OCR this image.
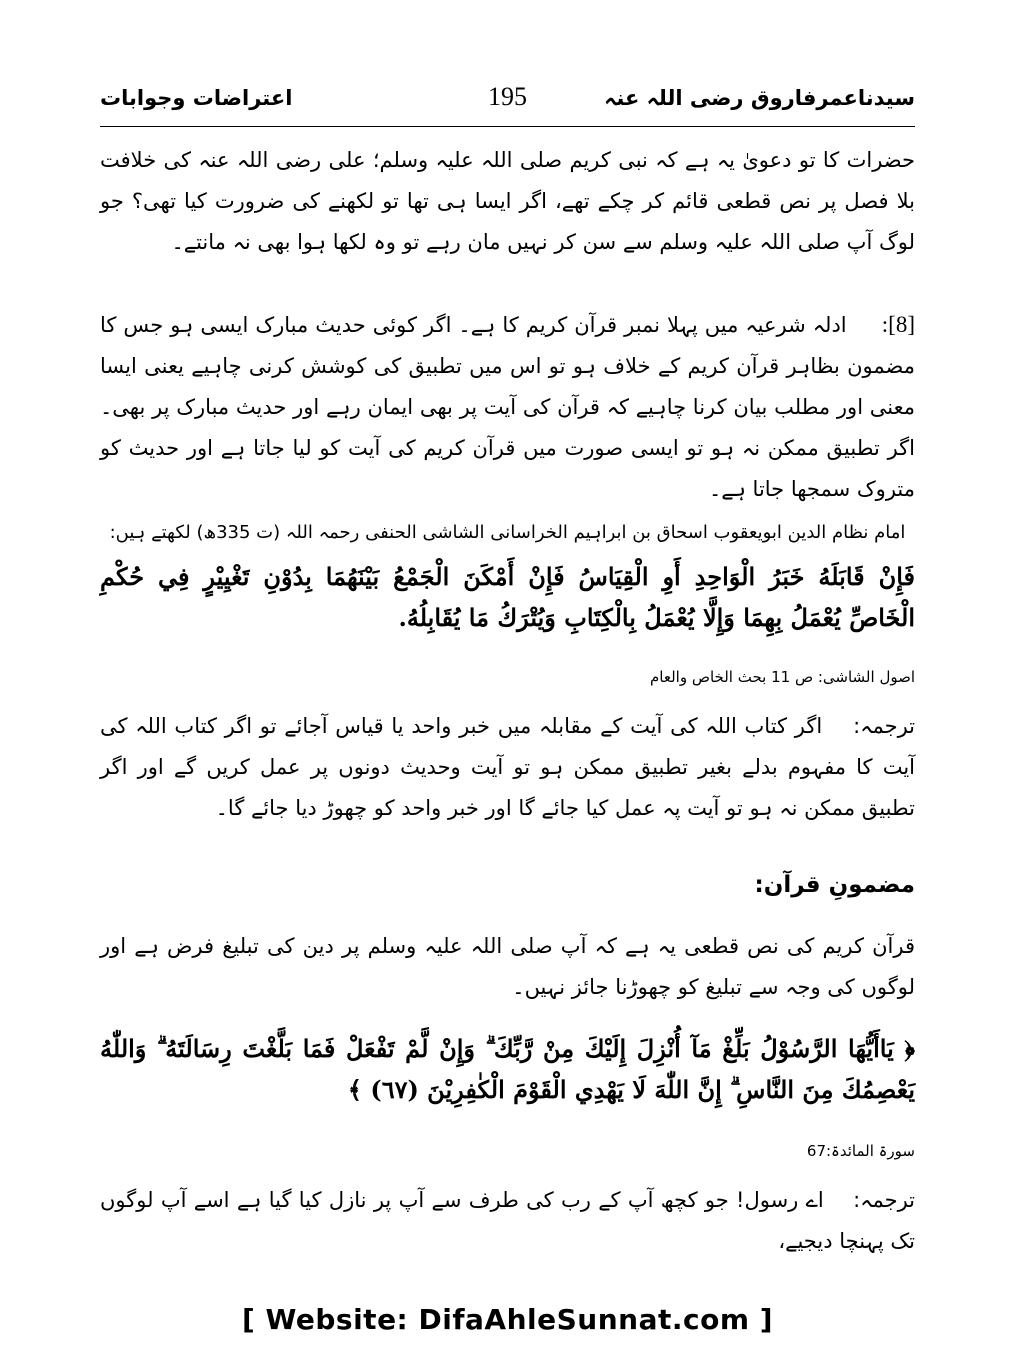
سیدناعمرفاروق رضی اللہ عنہ
195
اعتراضات وجوابات

حضرات کا تو دعویٰ یہ ہے کہ نبی کریم صلی اللہ علیہ وسلم؛ علی رضی اللہ عنہ کی خلافت بلا فصل پر نص قطعی قائم کر چکے تھے، اگر ایسا ہی تھا تو لکھنے کی ضرورت کیا تھی؟ جو لوگ آپ صلی اللہ علیہ وسلم سے سن کر نہیں مان رہے تو وہ لکھا ہوا بھی نہ مانتے۔

[8]:     ادلہ شرعیہ میں پہلا نمبر قرآن کریم کا ہے۔ اگر کوئی حدیث مبارک ایسی ہو جس کا مضمون بظاہر قرآن کریم کے خلاف ہو تو اس میں تطبیق کی کوشش کرنی چاہیے یعنی ایسا معنی اور مطلب بیان کرنا چاہیے کہ قرآن کی آیت پر بھی ایمان رہے اور حدیث مبارک پر بھی۔ اگر تطبیق ممکن نہ ہو تو ایسی صورت میں قرآن کریم کی آیت کو لیا جاتا ہے اور حدیث کو متروک سمجھا جاتا ہے۔

امام نظام الدین ابویعقوب اسحاق بن ابراہیم الخراسانی الشاشی الحنفی رحمہ اللہ (ت 335ھ) لکھتے ہیں:

فَإِنْ قَابَلَهُ خَبَرُ الْوَاحِدِ أَوِ الْقِيَاسُ فَإِنْ أَمْكَنَ الْجَمْعُ بَيْنَهُمَا بِدُوْنِ تَغْيِيْرٍ فِي حُكْمِ الْخَاصِّ يُعْمَلُ بِهِمَا وَإِلَّا يُعْمَلُ بِالْكِتَابِ وَيُتْرَكُ مَا يُقَابِلُهُ.
اصول الشاشی: ص 11 بحث الخاص والعام

ترجمہ:    اگر کتاب اللہ کی آیت کے مقابلہ میں خبر واحد یا قیاس آجائے تو اگر کتاب اللہ کی آیت کا مفہوم بدلے بغیر تطبیق ممکن ہو تو آیت وحدیث دونوں پر عمل کریں گے اور اگر تطبیق ممکن نہ ہو تو آیت پہ عمل کیا جائے گا اور خبر واحد کو چھوڑ دیا جائے گا۔

مضمونِ قرآن:

قرآن کریم کی نص قطعی یہ ہے کہ آپ صلی اللہ علیہ وسلم پر دین کی تبلیغ فرض ہے اور لوگوں کی وجہ سے تبلیغ کو چھوڑنا جائز نہیں۔

﴿ يَاأَيُّهَا الرَّسُوْلُ بَلِّغْ مَآ أُنْزِلَ إِلَيْكَ مِنْ رَّبِّكَ ۗ وَإِنْ لَّمْ تَفْعَلْ فَمَا بَلَّغْتَ رِسَالَتَهُ ۗ وَاللّٰهُ يَعْصِمُكَ مِنَ النَّاسِ ۗ إِنَّ اللّٰهَ لَا يَهْدِي الْقَوْمَ الْكٰفِرِيْنَ (٦٧) ﴾
سورۃ المائدۃ:67

ترجمہ:    اے رسول! جو کچھ آپ کے رب کی طرف سے آپ پر نازل کیا گیا ہے اسے آپ لوگوں تک پہنچا دیجیے،

[ Website: DifaAhleSunnat.com ]
